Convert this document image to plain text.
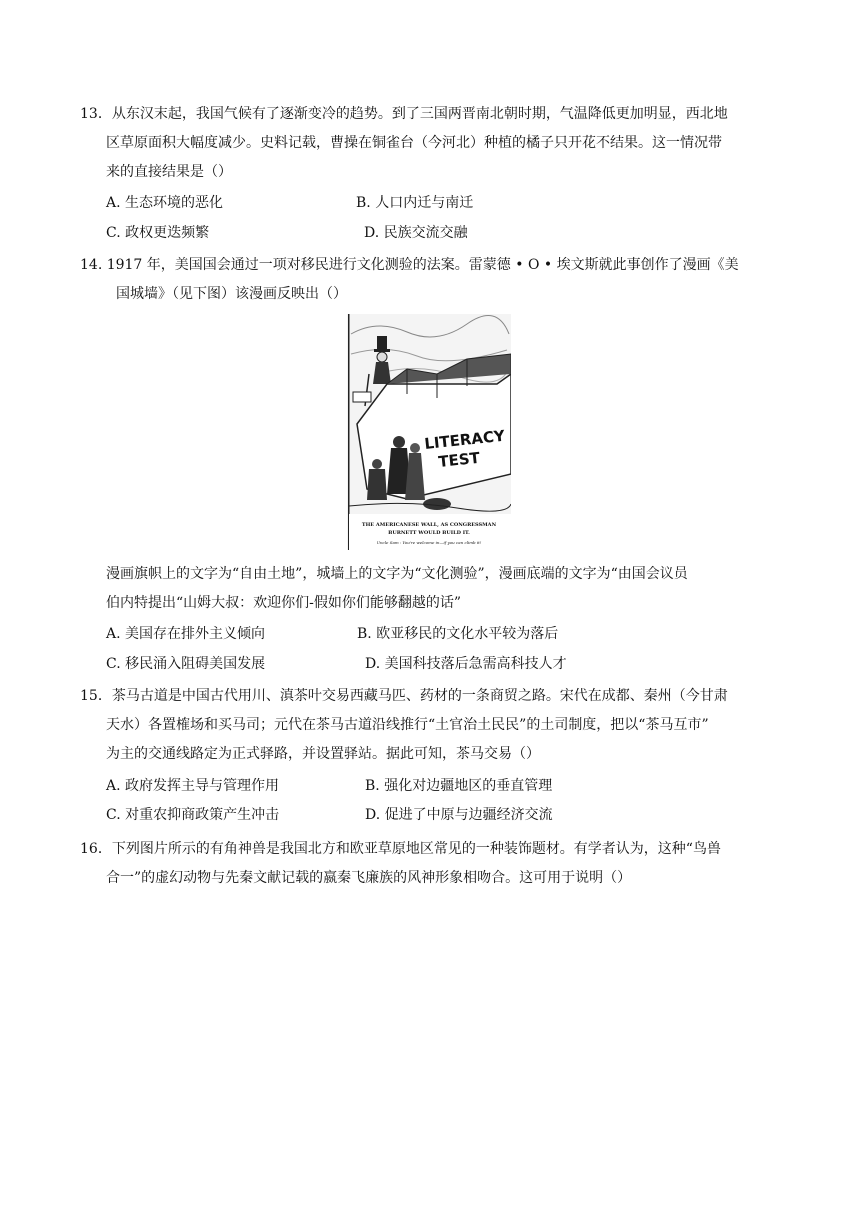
13．从东汉末起，我国气候有了逐渐变冷的趋势。到了三国两晋南北朝时期，气温降低更加明显，西北地
区草原面积大幅度减少。史料记载，曹操在铜雀台（今河北）种植的橘子只开花不结果。这一情况带
来的直接结果是（）
A. 生态环境的恶化	B. 人口内迁与南迁
C. 政权更迭频繁	D. 民族交流交融
14. 1917 年，美国国会通过一项对移民进行文化测验的法案。雷蒙德 • O • 埃文斯就此事创作了漫画《美
国城墙》（见下图）该漫画反映出（）
LITERACY
TEST
THE AMERICANESE WALL, AS CONGRESSMAN
BURNETT WOULD BUILD IT.
Uncle Sam : You're welcome in—if you can climb it!
漫画旗帜上的文字为“自由土地”，城墙上的文字为“文化测验”，漫画底端的文字为“由国会议员
伯内特提出“山姆大叔：欢迎你们-假如你们能够翻越的话”
A. 美国存在排外主义倾向	B. 欧亚移民的文化水平较为落后
C. 移民涌入阻碍美国发展	D. 美国科技落后急需高科技人才
15．茶马古道是中国古代用川、滇茶叶交易西藏马匹、药材的一条商贸之路。宋代在成都、秦州（今甘肃
天水）各置榷场和买马司；元代在茶马古道沿线推行“土官治土民民”的土司制度，把以“茶马互市”
为主的交通线路定为正式驿路，并设置驿站。据此可知，茶马交易（）
A. 政府发挥主导与管理作用	B. 强化对边疆地区的垂直管理
C. 对重农抑商政策产生冲击	D. 促进了中原与边疆经济交流
16．下列图片所示的有角神兽是我国北方和欧亚草原地区常见的一种装饰题材。有学者认为，这种“鸟兽
合一”的虚幻动物与先秦文献记载的嬴秦飞廉族的风神形象相吻合。这可用于说明（）
